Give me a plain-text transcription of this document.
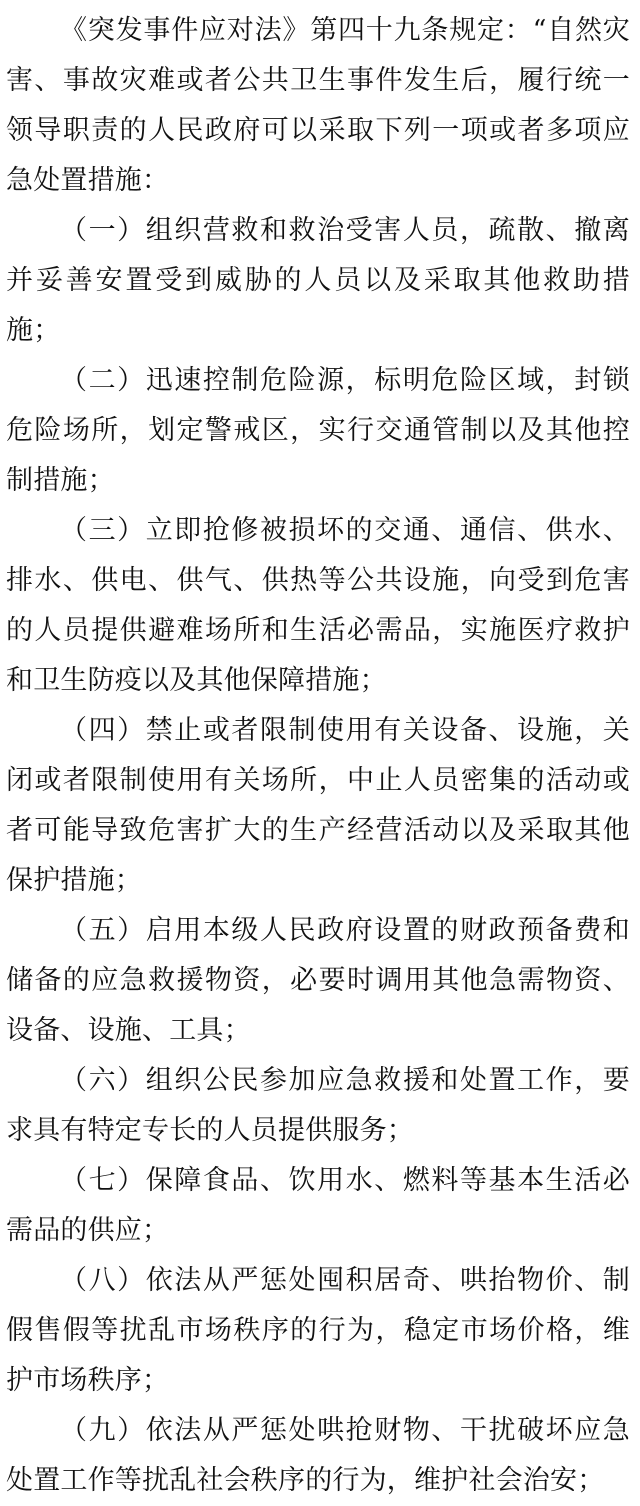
《突发事件应对法》第四十九条规定：“自然灾害、事故灾难或者公共卫生事件发生后，履行统一领导职责的人民政府可以采取下列一项或者多项应急处置措施：

（一）组织营救和救治受害人员，疏散、撤离并妥善安置受到威胁的人员以及采取其他救助措施；

（二）迅速控制危险源，标明危险区域，封锁危险场所，划定警戒区，实行交通管制以及其他控制措施；

（三）立即抢修被损坏的交通、通信、供水、排水、供电、供气、供热等公共设施，向受到危害的人员提供避难场所和生活必需品，实施医疗救护和卫生防疫以及其他保障措施；

（四）禁止或者限制使用有关设备、设施，关闭或者限制使用有关场所，中止人员密集的活动或者可能导致危害扩大的生产经营活动以及采取其他保护措施；

（五）启用本级人民政府设置的财政预备费和储备的应急救援物资，必要时调用其他急需物资、设备、设施、工具；

（六）组织公民参加应急救援和处置工作，要求具有特定专长的人员提供服务；

（七）保障食品、饮用水、燃料等基本生活必需品的供应；

（八）依法从严惩处囤积居奇、哄抬物价、制假售假等扰乱市场秩序的行为，稳定市场价格，维护市场秩序；

（九）依法从严惩处哄抢财物、干扰破坏应急处置工作等扰乱社会秩序的行为，维护社会治安；
